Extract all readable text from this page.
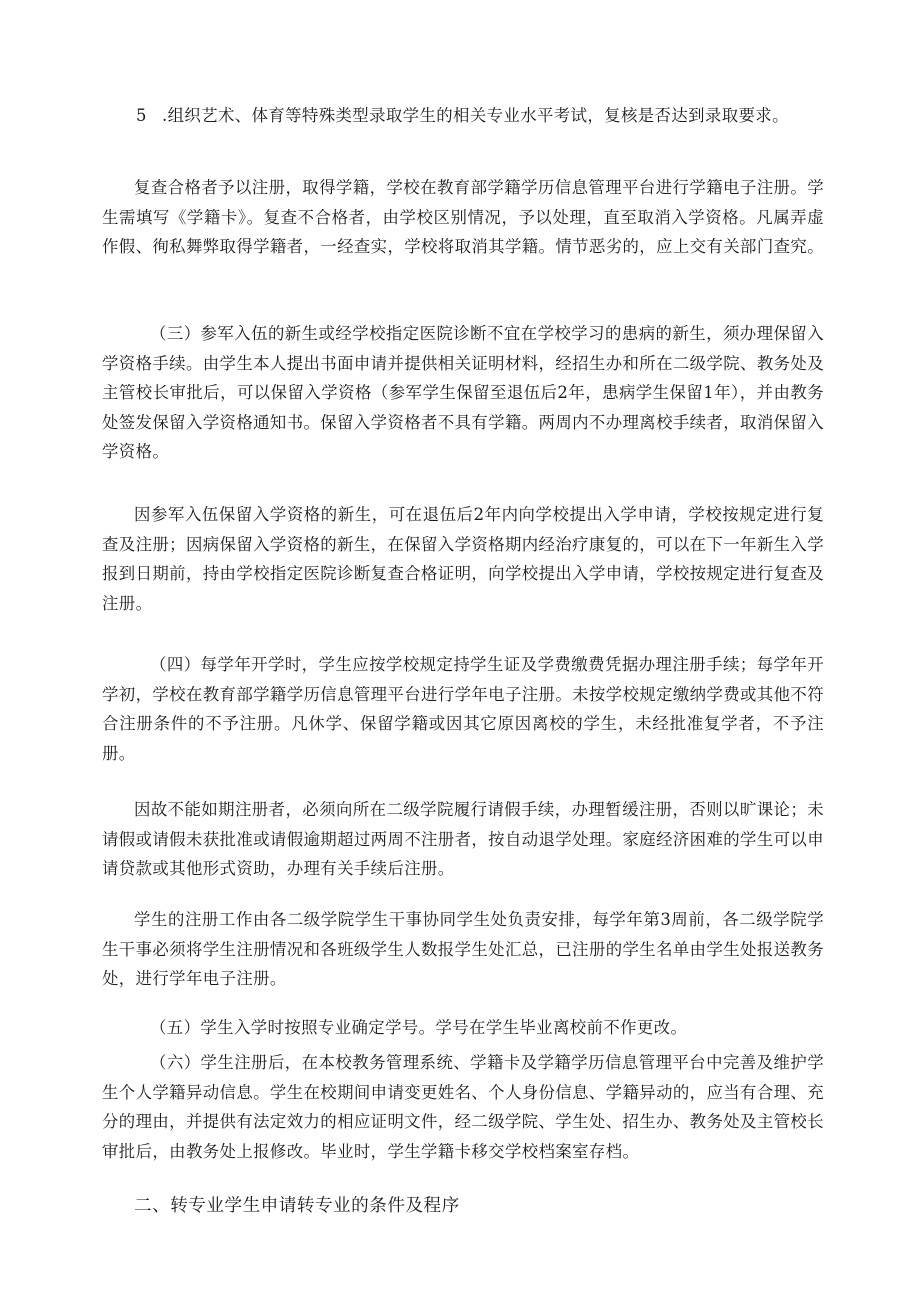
5 .组织艺术、体育等特殊类型录取学生的相关专业水平考试，复核是否达到录取要求。

复查合格者予以注册，取得学籍，学校在教育部学籍学历信息管理平台进行学籍电子注册。学生需填写《学籍卡》。复查不合格者，由学校区别情况，予以处理，直至取消入学资格。凡属弄虚作假、徇私舞弊取得学籍者，一经查实，学校将取消其学籍。情节恶劣的，应上交有关部门查究。

（三）参军入伍的新生或经学校指定医院诊断不宜在学校学习的患病的新生，须办理保留入学资格手续。由学生本人提出书面申请并提供相关证明材料，经招生办和所在二级学院、教务处及主管校长审批后，可以保留入学资格（参军学生保留至退伍后2年，患病学生保留1年），并由教务处签发保留入学资格通知书。保留入学资格者不具有学籍。两周内不办理离校手续者，取消保留入学资格。

因参军入伍保留入学资格的新生，可在退伍后2年内向学校提出入学申请，学校按规定进行复查及注册；因病保留入学资格的新生，在保留入学资格期内经治疗康复的，可以在下一年新生入学报到日期前，持由学校指定医院诊断复查合格证明，向学校提出入学申请，学校按规定进行复查及注册。

（四）每学年开学时，学生应按学校规定持学生证及学费缴费凭据办理注册手续；每学年开学初，学校在教育部学籍学历信息管理平台进行学年电子注册。未按学校规定缴纳学费或其他不符合注册条件的不予注册。凡休学、保留学籍或因其它原因离校的学生，未经批准复学者，不予注册。

因故不能如期注册者，必须向所在二级学院履行请假手续，办理暂缓注册，否则以旷课论；未请假或请假未获批准或请假逾期超过两周不注册者，按自动退学处理。家庭经济困难的学生可以申请贷款或其他形式资助，办理有关手续后注册。

学生的注册工作由各二级学院学生干事协同学生处负责安排，每学年第3周前，各二级学院学生干事必须将学生注册情况和各班级学生人数报学生处汇总，已注册的学生名单由学生处报送教务处，进行学年电子注册。

（五）学生入学时按照专业确定学号。学号在学生毕业离校前不作更改。

（六）学生注册后，在本校教务管理系统、学籍卡及学籍学历信息管理平台中完善及维护学生个人学籍异动信息。学生在校期间申请变更姓名、个人身份信息、学籍异动的，应当有合理、充分的理由，并提供有法定效力的相应证明文件，经二级学院、学生处、招生办、教务处及主管校长审批后，由教务处上报修改。毕业时，学生学籍卡移交学校档案室存档。

二、转专业学生申请转专业的条件及程序
